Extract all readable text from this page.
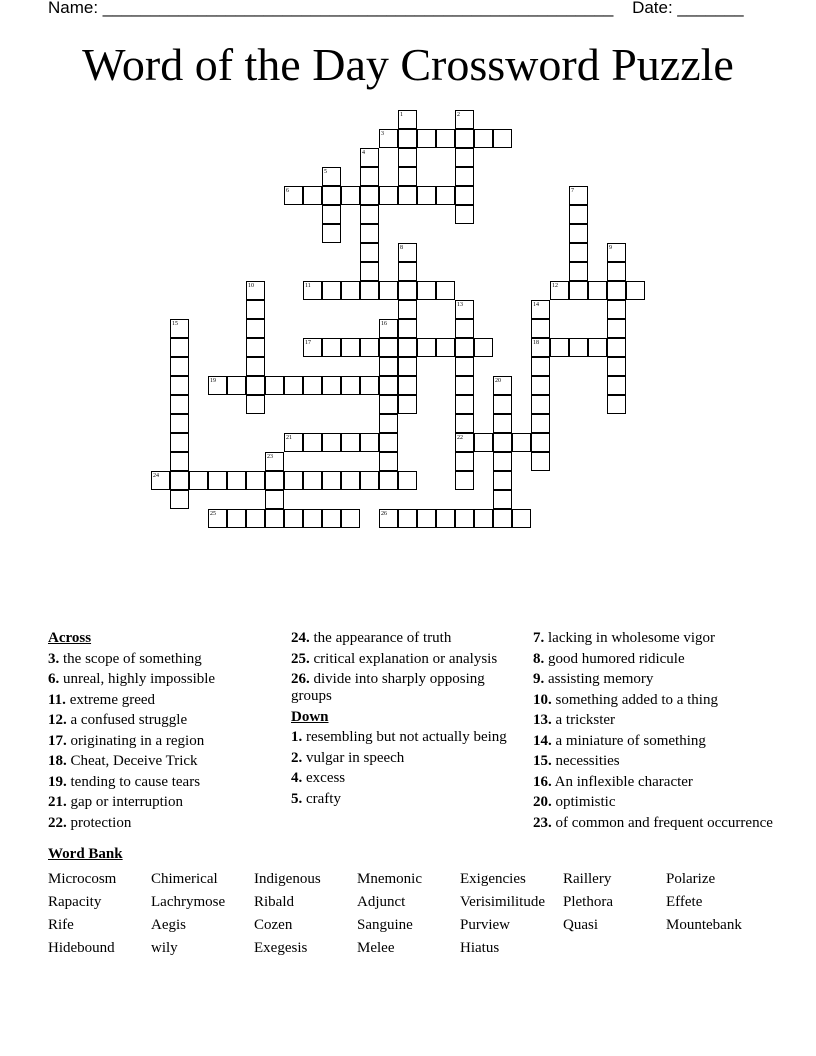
Name: ______________________________________________________ Date: _______
Word of the Day Crossword Puzzle
1	2
3
4
5
6	7
8	9
10	11	12
13	14
15	16
17	18
19	20
21	22
23
24
25	26
Across
3. the scope of something
6. unreal, highly impossible
11. extreme greed
12. a confused struggle
17. originating in a region
18. Cheat, Deceive Trick
19. tending to cause tears
21. gap or interruption
22. protection
24. the appearance of truth
25. critical explanation or analysis
26. divide into sharply opposing groups
Down
1. resembling but not actually being
2. vulgar in speech
4. excess
5. crafty
7. lacking in wholesome vigor
8. good humored ridicule
9. assisting memory
10. something added to a thing
13. a trickster
14. a miniature of something
15. necessities
16. An inflexible character
20. optimistic
23. of common and frequent occurrence
Word Bank
Microcosm	Chimerical	Indigenous	Mnemonic	Exigencies	Raillery	Polarize
Rapacity	Lachrymose	Ribald	Adjunct	Verisimilitude	Plethora	Effete
Rife	Aegis	Cozen	Sanguine	Purview	Quasi	Mountebank
Hidebound	wily	Exegesis	Melee	Hiatus
